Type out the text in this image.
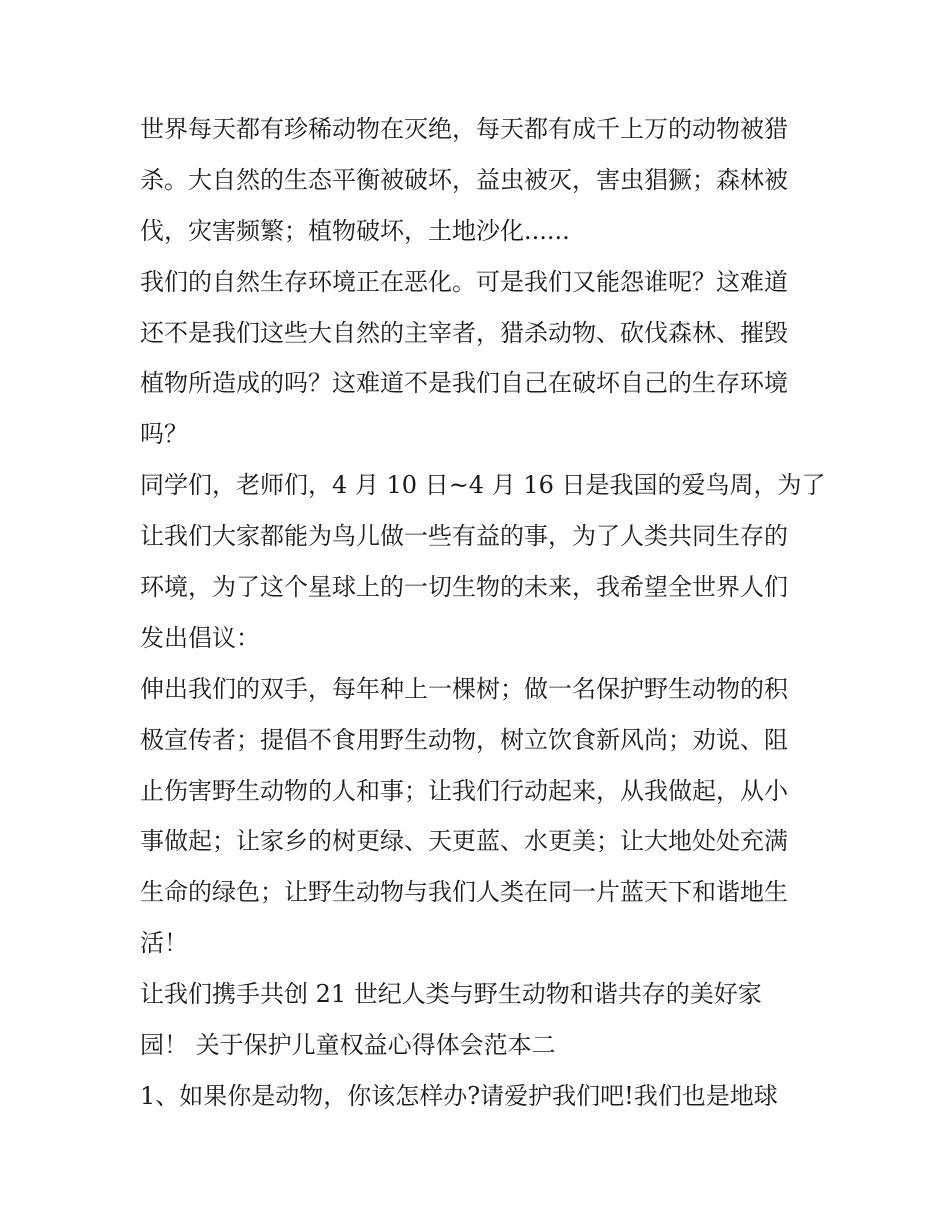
世界每天都有珍稀动物在灭绝，每天都有成千上万的动物被猎
杀。大自然的生态平衡被破坏，益虫被灭，害虫猖獗；森林被
伐，灾害频繁；植物破坏，土地沙化......
我们的自然生存环境正在恶化。可是我们又能怨谁呢？这难道
还不是我们这些大自然的主宰者，猎杀动物、砍伐森林、摧毁
植物所造成的吗？这难道不是我们自己在破坏自己的生存环境
吗？
同学们，老师们，4 月 10 日~4 月 16 日是我国的爱鸟周，为了
让我们大家都能为鸟儿做一些有益的事，为了人类共同生存的
环境，为了这个星球上的一切生物的未来，我希望全世界人们
发出倡议：
伸出我们的双手，每年种上一棵树；做一名保护野生动物的积
极宣传者；提倡不食用野生动物，树立饮食新风尚；劝说、阻
止伤害野生动物的人和事；让我们行动起来，从我做起，从小
事做起；让家乡的树更绿、天更蓝、水更美；让大地处处充满
生命的绿色；让野生动物与我们人类在同一片蓝天下和谐地生
活！
让我们携手共创 21 世纪人类与野生动物和谐共存的美好家
园！ 关于保护儿童权益心得体会范本二
1、如果你是动物，你该怎样办?请爱护我们吧!我们也是地球
